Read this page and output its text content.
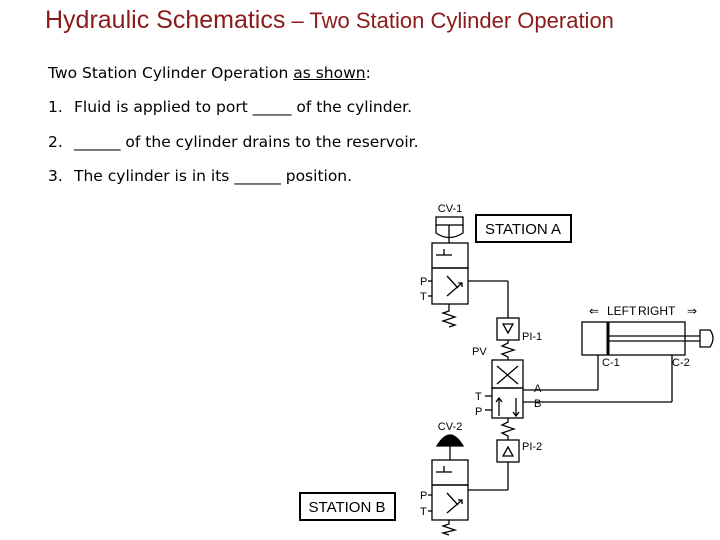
Hydraulic Schematics – Two Station Cylinder Operation
Two Station Cylinder Operation as shown:
1. Fluid is applied to port _____ of the cylinder.
2. ______ of the cylinder drains to the reservoir.
3. The cylinder is in its ______ position.
STATION A
STATION B
CV-1
P
T
⇐ LEFT RIGHT ⇒
C-1	C-2
PI-1
PV
T
P
A
B
PI-2
CV-2
P
T
